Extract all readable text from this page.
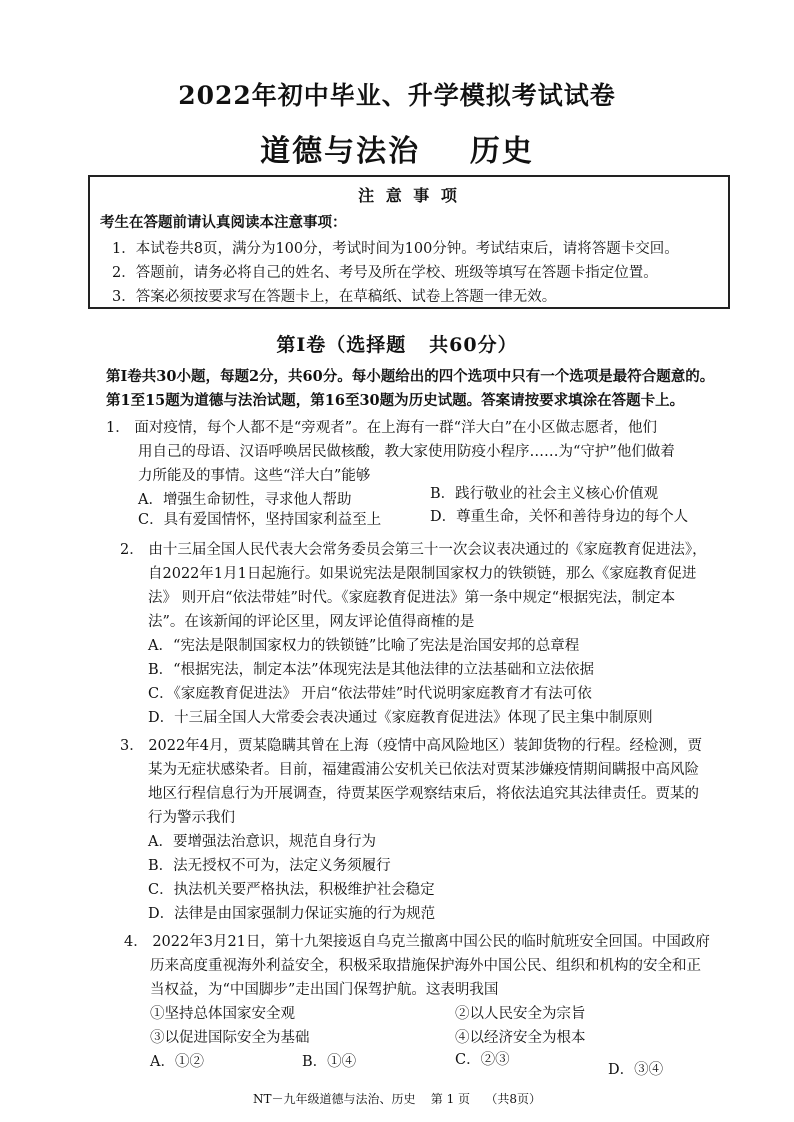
2022年初中毕业、升学模拟考试试卷
道德与法治    历史
注 意 事 项
考生在答题前请认真阅读本注意事项：
1．本试卷共8页，满分为100分，考试时间为100分钟。考试结束后，请将答题卡交回。
2．答题前，请务必将自己的姓名、考号及所在学校、班级等填写在答题卡指定位置。
3．答案必须按要求写在答题卡上，在草稿纸、试卷上答题一律无效。
第Ⅰ卷（选择题   共60分）
第Ⅰ卷共30小题，每题2分，共60分。每小题给出的四个选项中只有一个选项是最符合题意的。
第1至15题为道德与法治试题，第16至30题为历史试题。答案请按要求填涂在答题卡上。
1． 面对疫情，每个人都不是“旁观者”。在上海有一群“洋大白”在小区做志愿者，他们
用自己的母语、汉语呼唤居民做核酸，教大家使用防疫小程序……为“守护”他们做着
力所能及的事情。这些“洋大白”能够
A．增强生命韧性，寻求他人帮助	B．践行敬业的社会主义核心价值观
C．具有爱国情怀，坚持国家利益至上	D．尊重生命，关怀和善待身边的每个人
2． 由十三届全国人民代表大会常务委员会第三十一次会议表决通过的《家庭教育促进法》，
自2022年1月1日起施行。如果说宪法是限制国家权力的铁锁链，那么《家庭教育促进
法》 则开启“依法带娃”时代。《家庭教育促进法》第一条中规定“根据宪法，制定本
法”。在该新闻的评论区里，网友评论值得商榷的是
A．“宪法是限制国家权力的铁锁链”比喻了宪法是治国安邦的总章程
B．“根据宪法，制定本法”体现宪法是其他法律的立法基础和立法依据
C．《家庭教育促进法》 开启“依法带娃”时代说明家庭教育才有法可依
D．十三届全国人大常委会表决通过《家庭教育促进法》体现了民主集中制原则
3． 2022年4月，贾某隐瞒其曾在上海（疫情中高风险地区）装卸货物的行程。经检测，贾
某为无症状感染者。目前，福建霞浦公安机关已依法对贾某涉嫌疫情期间瞒报中高风险
地区行程信息行为开展调查，待贾某医学观察结束后，将依法追究其法律责任。贾某的
行为警示我们
A．要增强法治意识，规范自身行为
B．法无授权不可为，法定义务须履行
C．执法机关要严格执法，积极维护社会稳定
D．法律是由国家强制力保证实施的行为规范
4． 2022年3月21日，第十九架接返自乌克兰撤离中国公民的临时航班安全回国。中国政府
历来高度重视海外利益安全，积极采取措施保护海外中国公民、组织和机构的安全和正
当权益，为“中国脚步”走出国门保驾护航。这表明我国
①坚持总体国家安全观	②以人民安全为宗旨
③以促进国际安全为基础	④以经济安全为根本
A．①②	B．①④	C．②③
D．③④
NT－九年级道德与法治、历史    第 1 页    （共8页）
